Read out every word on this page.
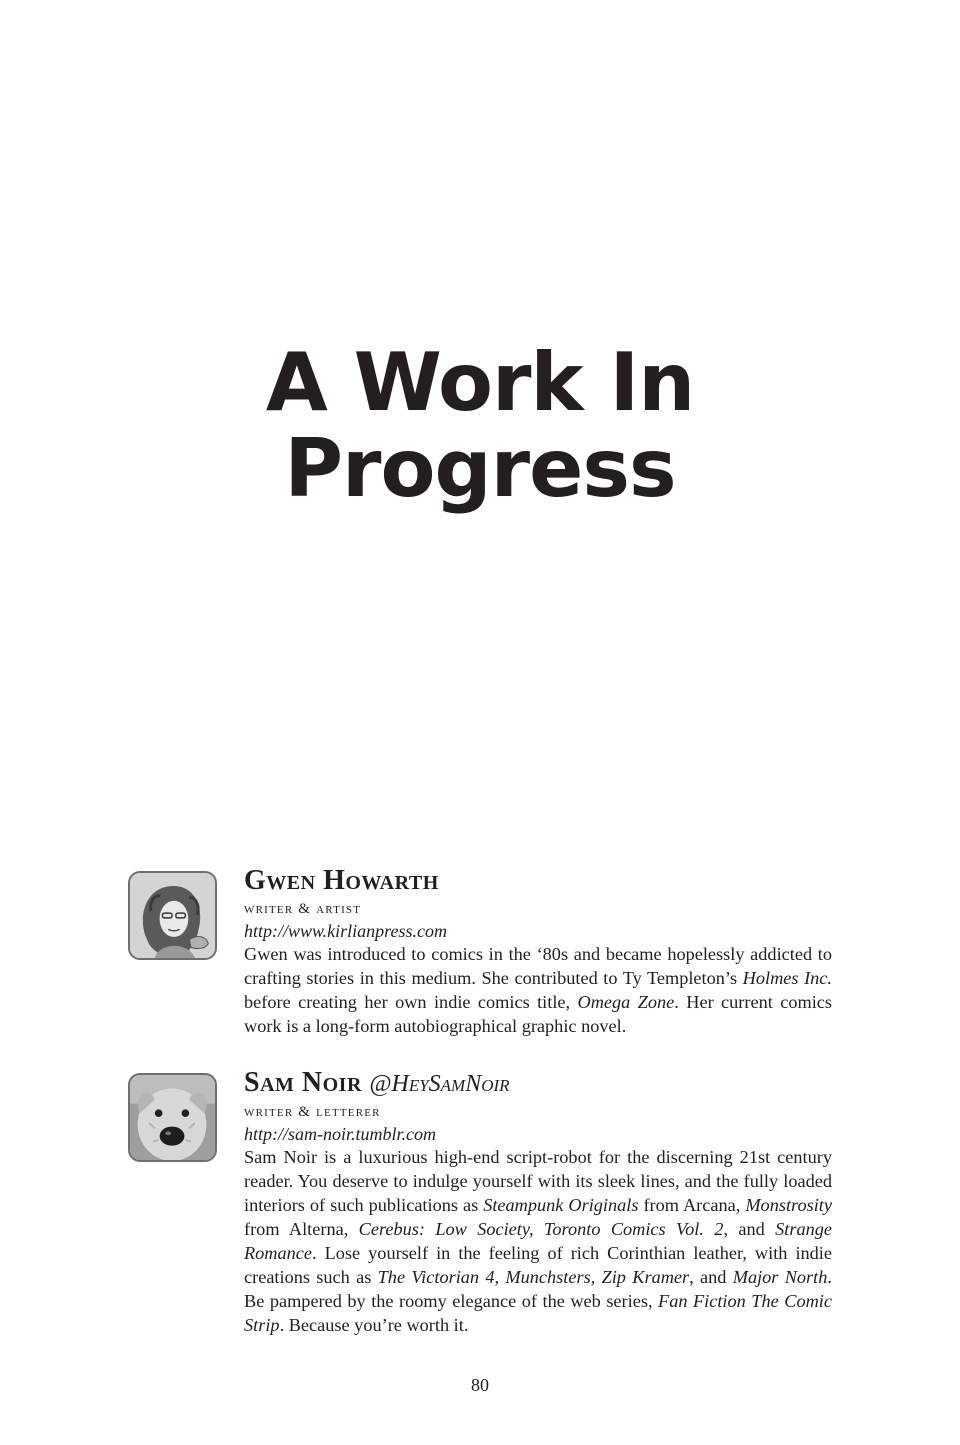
A Work In
Progress
Gwen Howarth
writer & artist
http://www.kirlianpress.com

Gwen was introduced to comics in the ‘80s and became hopelessly addicted to crafting stories in this medium. She contributed to Ty Templeton’s Holmes Inc. before creating her own indie comics title, Omega Zone. Her current comics work is a long-form autobiographical graphic novel.

Sam Noir @HeySamNoir
writer & letterer
http://sam-noir.tumblr.com

Sam Noir is a luxurious high-end script-robot for the discerning 21st century reader. You deserve to indulge yourself with its sleek lines, and the fully loaded interiors of such publications as Steampunk Originals from Arcana, Monstrosity from Alterna, Cerebus: Low Society, Toronto Comics Vol. 2, and Strange Romance. Lose yourself in the feeling of rich Corinthian leather, with indie creations such as The Victorian 4, Munchsters, Zip Kramer, and Major North. Be pampered by the roomy elegance of the web series, Fan Fiction The Comic Strip. Because you’re worth it.

80
